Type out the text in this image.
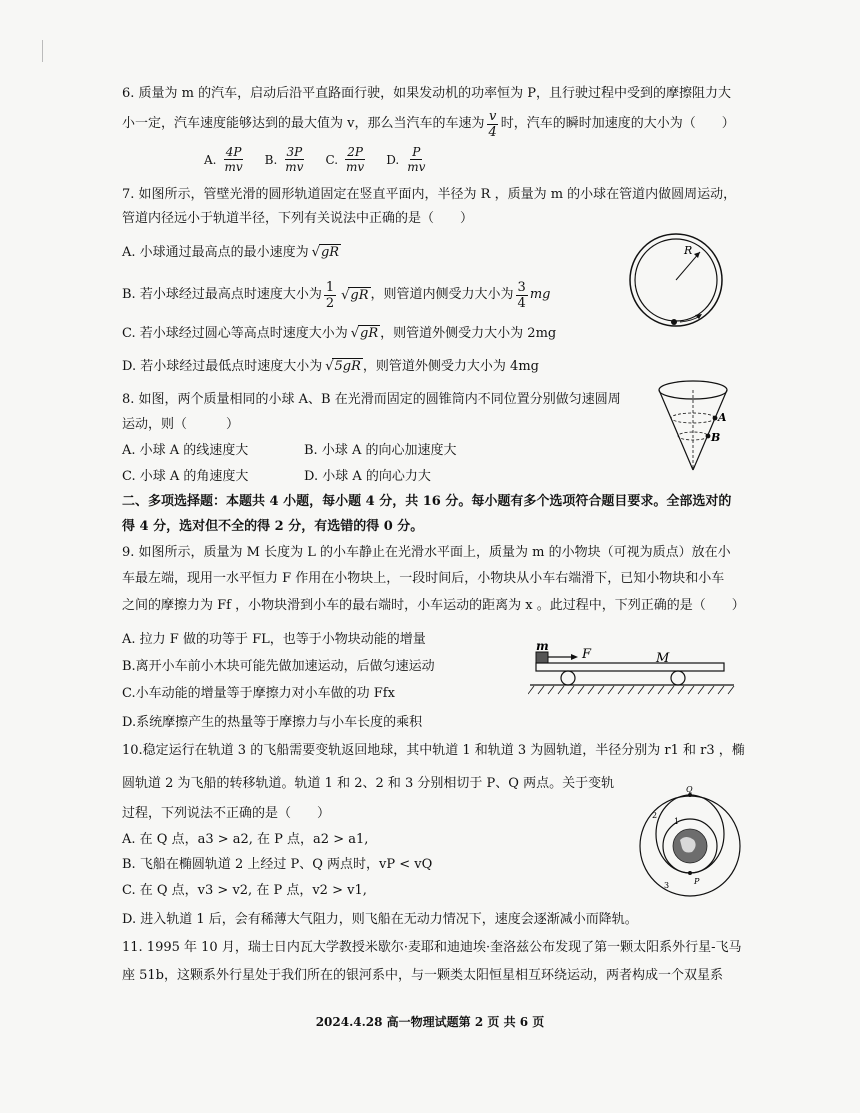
6. 质量为 m 的汽车，启动后沿平直路面行驶，如果发动机的功率恒为 P，且行驶过程中受到的摩擦阻力大
小一定，汽车速度能够达到的最大值为 v，那么当汽车的车速为 $\frac{v}{4}$ 时，汽车的瞬时加速度的大小为（　　）
A. $\frac{4P}{mv} B$. $\frac{3P}{mv} C$. $\frac{2P}{mv} D$. $\frac{P}{mv}$
7. 如图所示，管壁光滑的圆形轨道固定在竖直平面内，半径为 R ，质量为 m 的小球在管道内做圆周运动，
管道内径远小于轨道半径，下列有关说法中正确的是（　　）
A. 小球通过最高点的最小速度为 √ gR
B. 若小球经过最高点时速度大小为 $\frac{1}{2}$ √ gR ，则管道内侧受力大小为 $\frac{3}{4}$ mg
C. 若小球经过圆心等高点时速度大小为 √ gR ，则管道外侧受力大小为 2mg
D. 若小球经过最低点时速度大小为 √ 5gR ，则管道外侧受力大小为 4mg
R
8. 如图，两个质量相同的小球 A、B 在光滑而固定的圆锥筒内不同位置分别做匀速圆周
运动，则（　　　）
A. 小球 A 的线速度大	B. 小球 A 的向心加速度大
C. 小球 A 的角速度大	D. 小球 A 的向心力大
A
B
二、多项选择题：本题共 4 小题，每小题 4 分，共 16 分。每小题有多个选项符合题目要求。全部选对的
得 4 分，选对但不全的得 2 分，有选错的得 0 分。
9. 如图所示，质量为 M 长度为 L 的小车静止在光滑水平面上，质量为 m 的小物块（可视为质点）放在小
车最左端，现用一水平恒力 F 作用在小物块上，一段时间后，小物块从小车右端滑下，已知小物块和小车
之间的摩擦力为 Ff ，小物块滑到小车的最右端时，小车运动的距离为 x 。此过程中，下列正确的是（　　）
A. 拉力 F 做的功等于 FL，也等于小物块动能的增量
B.离开小车前小木块可能先做加速运动，后做匀速运动
C.小车动能的增量等于摩擦力对小车做的功 Ffx
D.系统摩擦产生的热量等于摩擦力与小车长度的乘积
m
F	M
10.稳定运行在轨道 3 的飞船需要变轨返回地球，其中轨道 1 和轨道 3 为圆轨道，半径分别为 r1 和 r3 ，椭
圆轨道 2 为飞船的转移轨道。轨道 1 和 2、2 和 3 分别相切于 P、Q 两点。关于变轨
过程，下列说法不正确的是（　　）
A. 在 Q 点，a3 > a2, 在 P 点，a2 > a1,
B. 飞船在椭圆轨道 2 上经过 P、Q 两点时，vP < vQ
C. 在 Q 点，v3 > v2, 在 P 点，v2 > v1,
D. 进入轨道 1 后，会有稀薄大气阻力，则飞船在无动力情况下，速度会逐渐减小而降轨。
Q
P
1
2
3
11. 1995 年 10 月，瑞士日内瓦大学教授米歇尔·麦耶和迪迪埃·奎洛兹公布发现了第一颗太阳系外行星-飞马
座 51b，这颗系外行星处于我们所在的银河系中，与一颗类太阳恒星相互环绕运动，两者构成一个双星系
2024.4.28 高一物理试题第 2 页 共 6 页
